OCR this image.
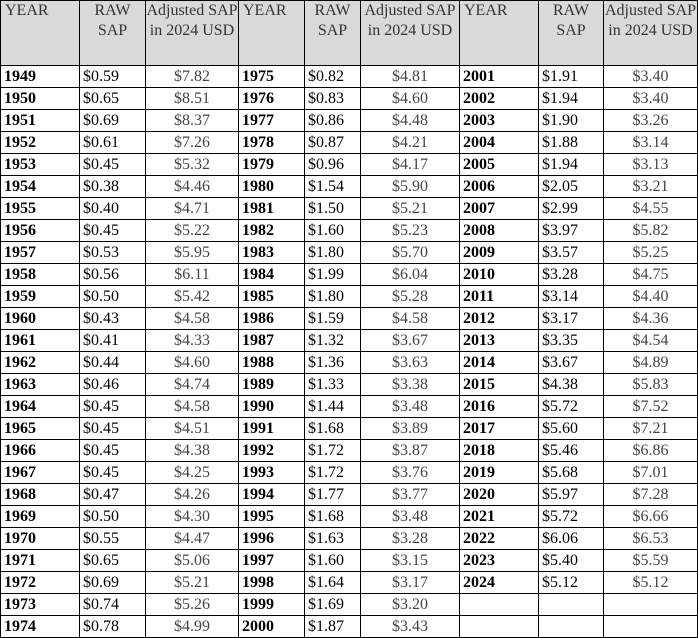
YEAR	RAW SAP	Adjusted SAP in 2024 USD	YEAR	RAW SAP	Adjusted SAP in 2024 USD	YEAR	RAW SAP	Adjusted SAP in 2024 USD
1949	$0.59	$7.82	1975	$0.82	$4.81	2001	$1.91	$3.40
1950	$0.65	$8.51	1976	$0.83	$4.60	2002	$1.94	$3.40
1951	$0.69	$8.37	1977	$0.86	$4.48	2003	$1.90	$3.26
1952	$0.61	$7.26	1978	$0.87	$4.21	2004	$1.88	$3.14
1953	$0.45	$5.32	1979	$0.96	$4.17	2005	$1.94	$3.13
1954	$0.38	$4.46	1980	$1.54	$5.90	2006	$2.05	$3.21
1955	$0.40	$4.71	1981	$1.50	$5.21	2007	$2.99	$4.55
1956	$0.45	$5.22	1982	$1.60	$5.23	2008	$3.97	$5.82
1957	$0.53	$5.95	1983	$1.80	$5.70	2009	$3.57	$5.25
1958	$0.56	$6.11	1984	$1.99	$6.04	2010	$3.28	$4.75
1959	$0.50	$5.42	1985	$1.80	$5.28	2011	$3.14	$4.40
1960	$0.43	$4.58	1986	$1.59	$4.58	2012	$3.17	$4.36
1961	$0.41	$4.33	1987	$1.32	$3.67	2013	$3.35	$4.54
1962	$0.44	$4.60	1988	$1.36	$3.63	2014	$3.67	$4.89
1963	$0.46	$4.74	1989	$1.33	$3.38	2015	$4.38	$5.83
1964	$0.45	$4.58	1990	$1.44	$3.48	2016	$5.72	$7.52
1965	$0.45	$4.51	1991	$1.68	$3.89	2017	$5.60	$7.21
1966	$0.45	$4.38	1992	$1.72	$3.87	2018	$5.46	$6.86
1967	$0.45	$4.25	1993	$1.72	$3.76	2019	$5.68	$7.01
1968	$0.47	$4.26	1994	$1.77	$3.77	2020	$5.97	$7.28
1969	$0.50	$4.30	1995	$1.68	$3.48	2021	$5.72	$6.66
1970	$0.55	$4.47	1996	$1.63	$3.28	2022	$6.06	$6.53
1971	$0.65	$5.06	1997	$1.60	$3.15	2023	$5.40	$5.59
1972	$0.69	$5.21	1998	$1.64	$3.17	2024	$5.12	$5.12
1973	$0.74	$5.26	1999	$1.69	$3.20			
1974	$0.78	$4.99	2000	$1.87	$3.43			
